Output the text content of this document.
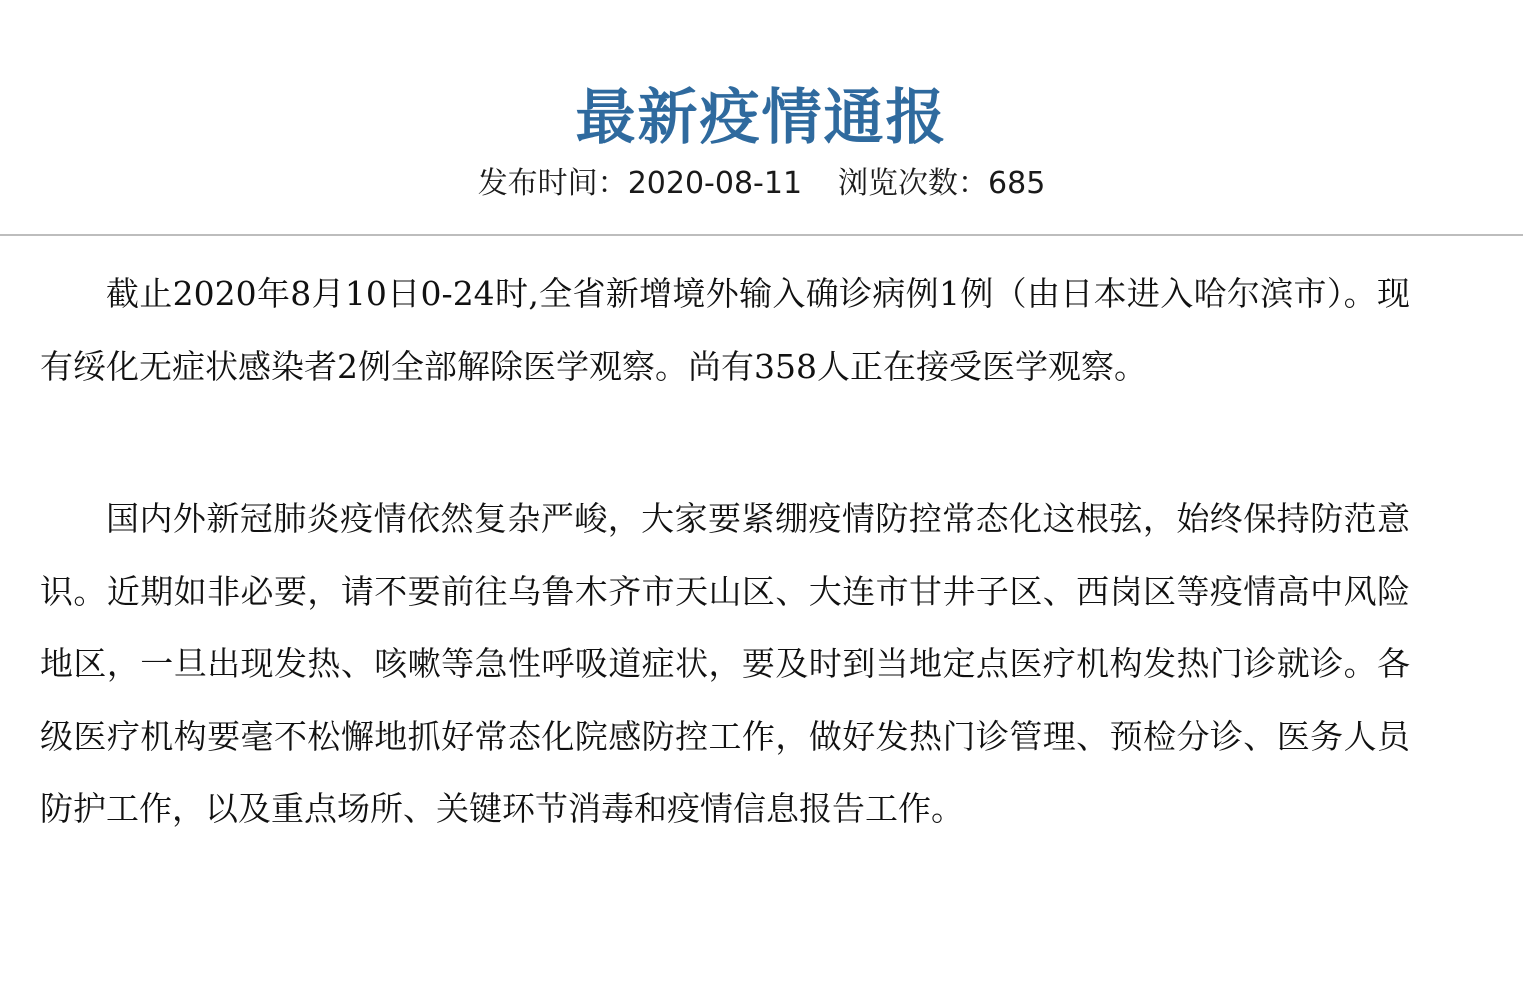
最新疫情通报
发布时间：2020-08-11 浏览次数：685

截止2020年8月10日0-24时,全省新增境外输入确诊病例1例（由日本进入哈尔滨市）。现有绥化无症状感染者2例全部解除医学观察。尚有358人正在接受医学观察。

国内外新冠肺炎疫情依然复杂严峻，大家要紧绷疫情防控常态化这根弦，始终保持防范意识。近期如非必要，请不要前往乌鲁木齐市天山区、大连市甘井子区、西岗区等疫情高中风险地区，一旦出现发热、咳嗽等急性呼吸道症状，要及时到当地定点医疗机构发热门诊就诊。各级医疗机构要毫不松懈地抓好常态化院感防控工作，做好发热门诊管理、预检分诊、医务人员防护工作，以及重点场所、关键环节消毒和疫情信息报告工作。
